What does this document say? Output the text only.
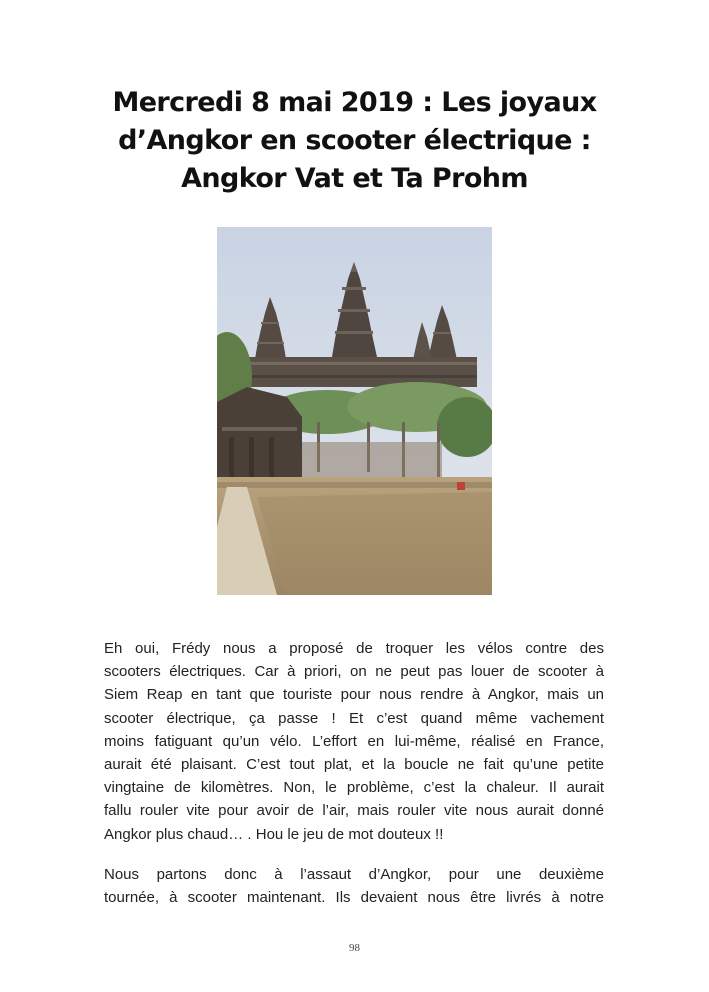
Mercredi 8 mai 2019 : Les joyaux
d’Angkor en scooter électrique :
Angkor Vat et Ta Prohm
Eh oui, Frédy nous a proposé de troquer les vélos contre des
scooters électriques. Car à priori, on ne peut pas louer de scooter à
Siem Reap en tant que touriste pour nous rendre à Angkor, mais un
scooter électrique, ça passe ! Et c’est quand même vachement
moins fatiguant qu’un vélo. L’effort en lui-même, réalisé en France,
aurait été plaisant. C’est tout plat, et la boucle ne fait qu’une petite
vingtaine de kilomètres. Non, le problème, c’est la chaleur. Il aurait
fallu rouler vite pour avoir de l’air, mais rouler vite nous aurait donné
Angkor plus chaud… . Hou le jeu de mot douteux !!
Nous partons donc à l’assaut d’Angkor, pour une deuxième
tournée, à scooter maintenant. Ils devaient nous être livrés à notre
98
